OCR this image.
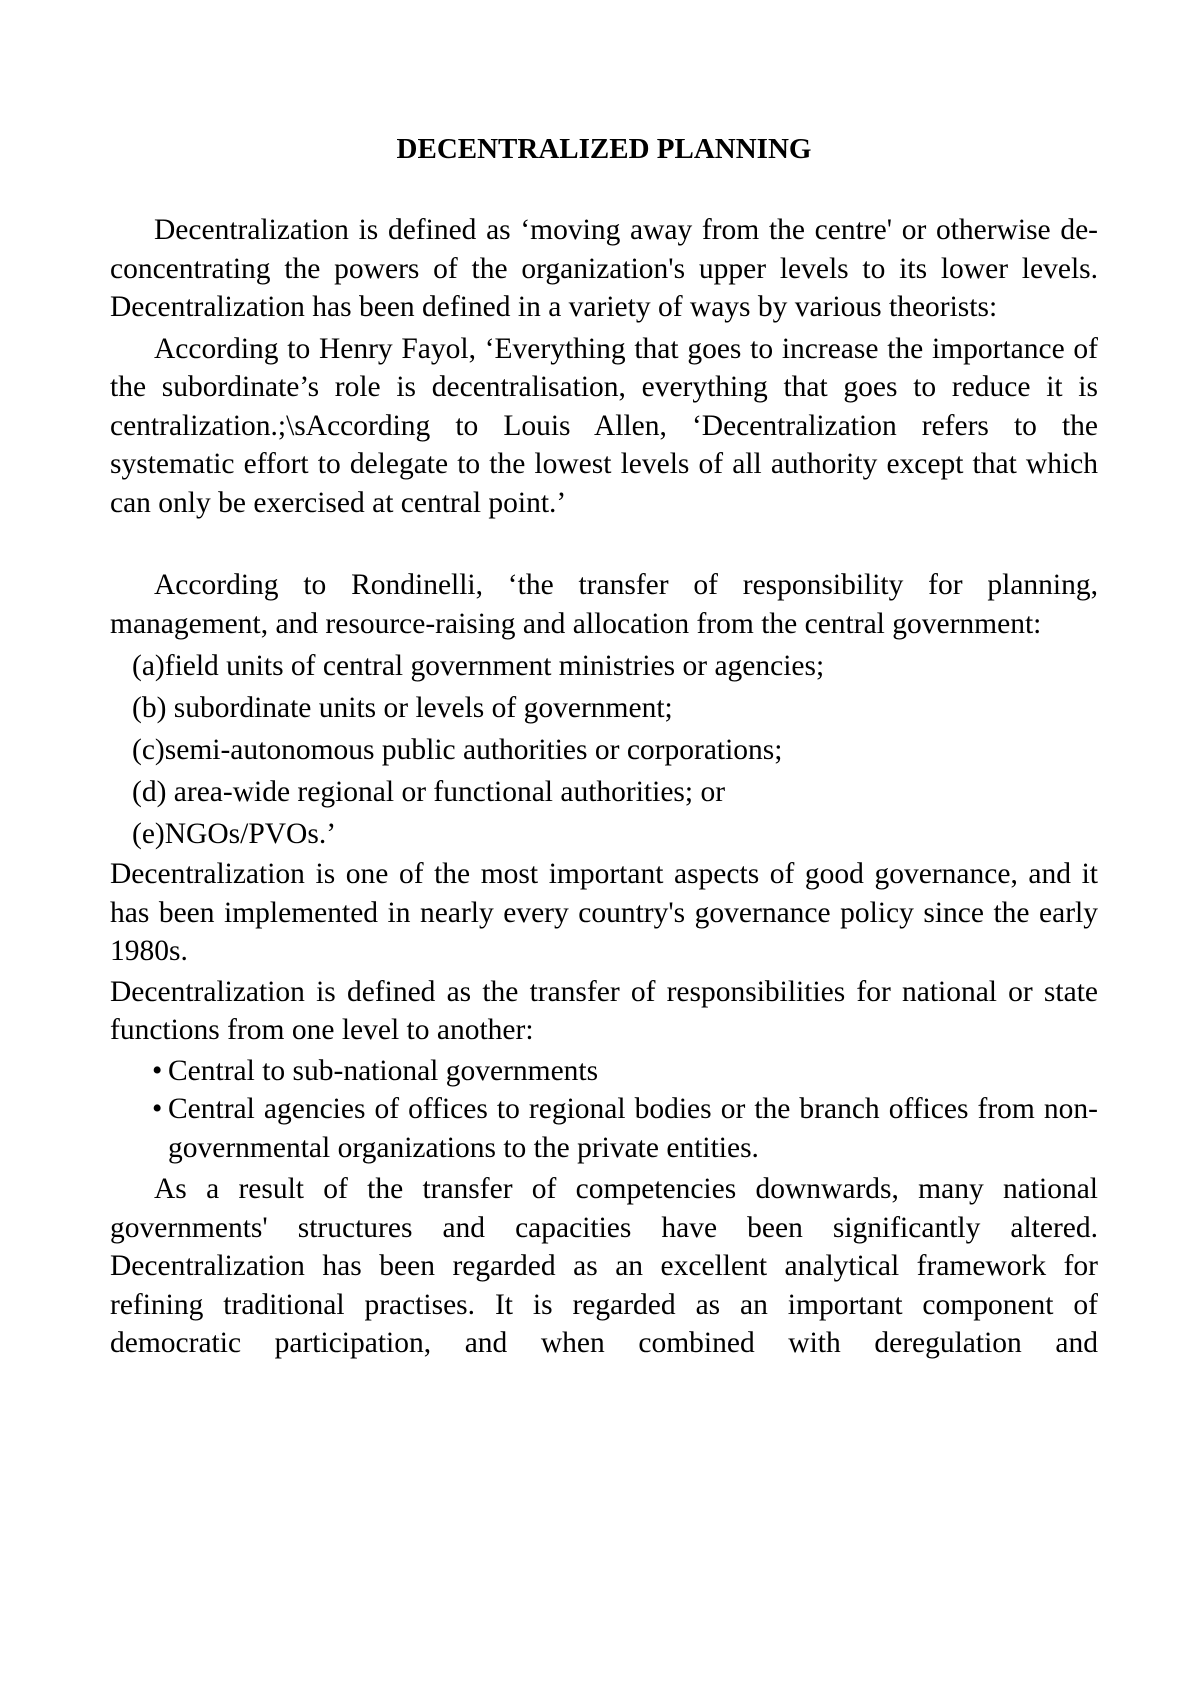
DECENTRALIZED PLANNING

Decentralization is defined as ‘moving away from the centre' or otherwise de-concentrating the powers of the organization's upper levels to its lower levels. Decentralization has been defined in a variety of ways by various theorists:

According to Henry Fayol, ‘Everything that goes to increase the importance of the subordinate’s role is decentralisation, everything that goes to reduce it is centralization.;\sAccording to Louis Allen, ‘Decentralization refers to the systematic effort to delegate to the lowest levels of all authority except that which can only be exercised at central point.’

According to Rondinelli, ‘the transfer of responsibility for planning, management, and resource-raising and allocation from the central government:

(a)field units of central government ministries or agencies;

(b) subordinate units or levels of government;

(c)semi-autonomous public authorities or corporations;

(d) area-wide regional or functional authorities; or

(e)NGOs/PVOs.’

Decentralization is one of the most important aspects of good governance, and it has been implemented in nearly every country's governance policy since the early 1980s.

Decentralization is defined as the transfer of responsibilities for national or state functions from one level to another:

• Central to sub-national governments
• Central agencies of offices to regional bodies or the branch offices from non-governmental organizations to the private entities.

As a result of the transfer of competencies downwards, many national governments' structures and capacities have been significantly altered. Decentralization has been regarded as an excellent analytical framework for refining traditional practises. It is regarded as an important component of democratic participation, and when combined with deregulation and
